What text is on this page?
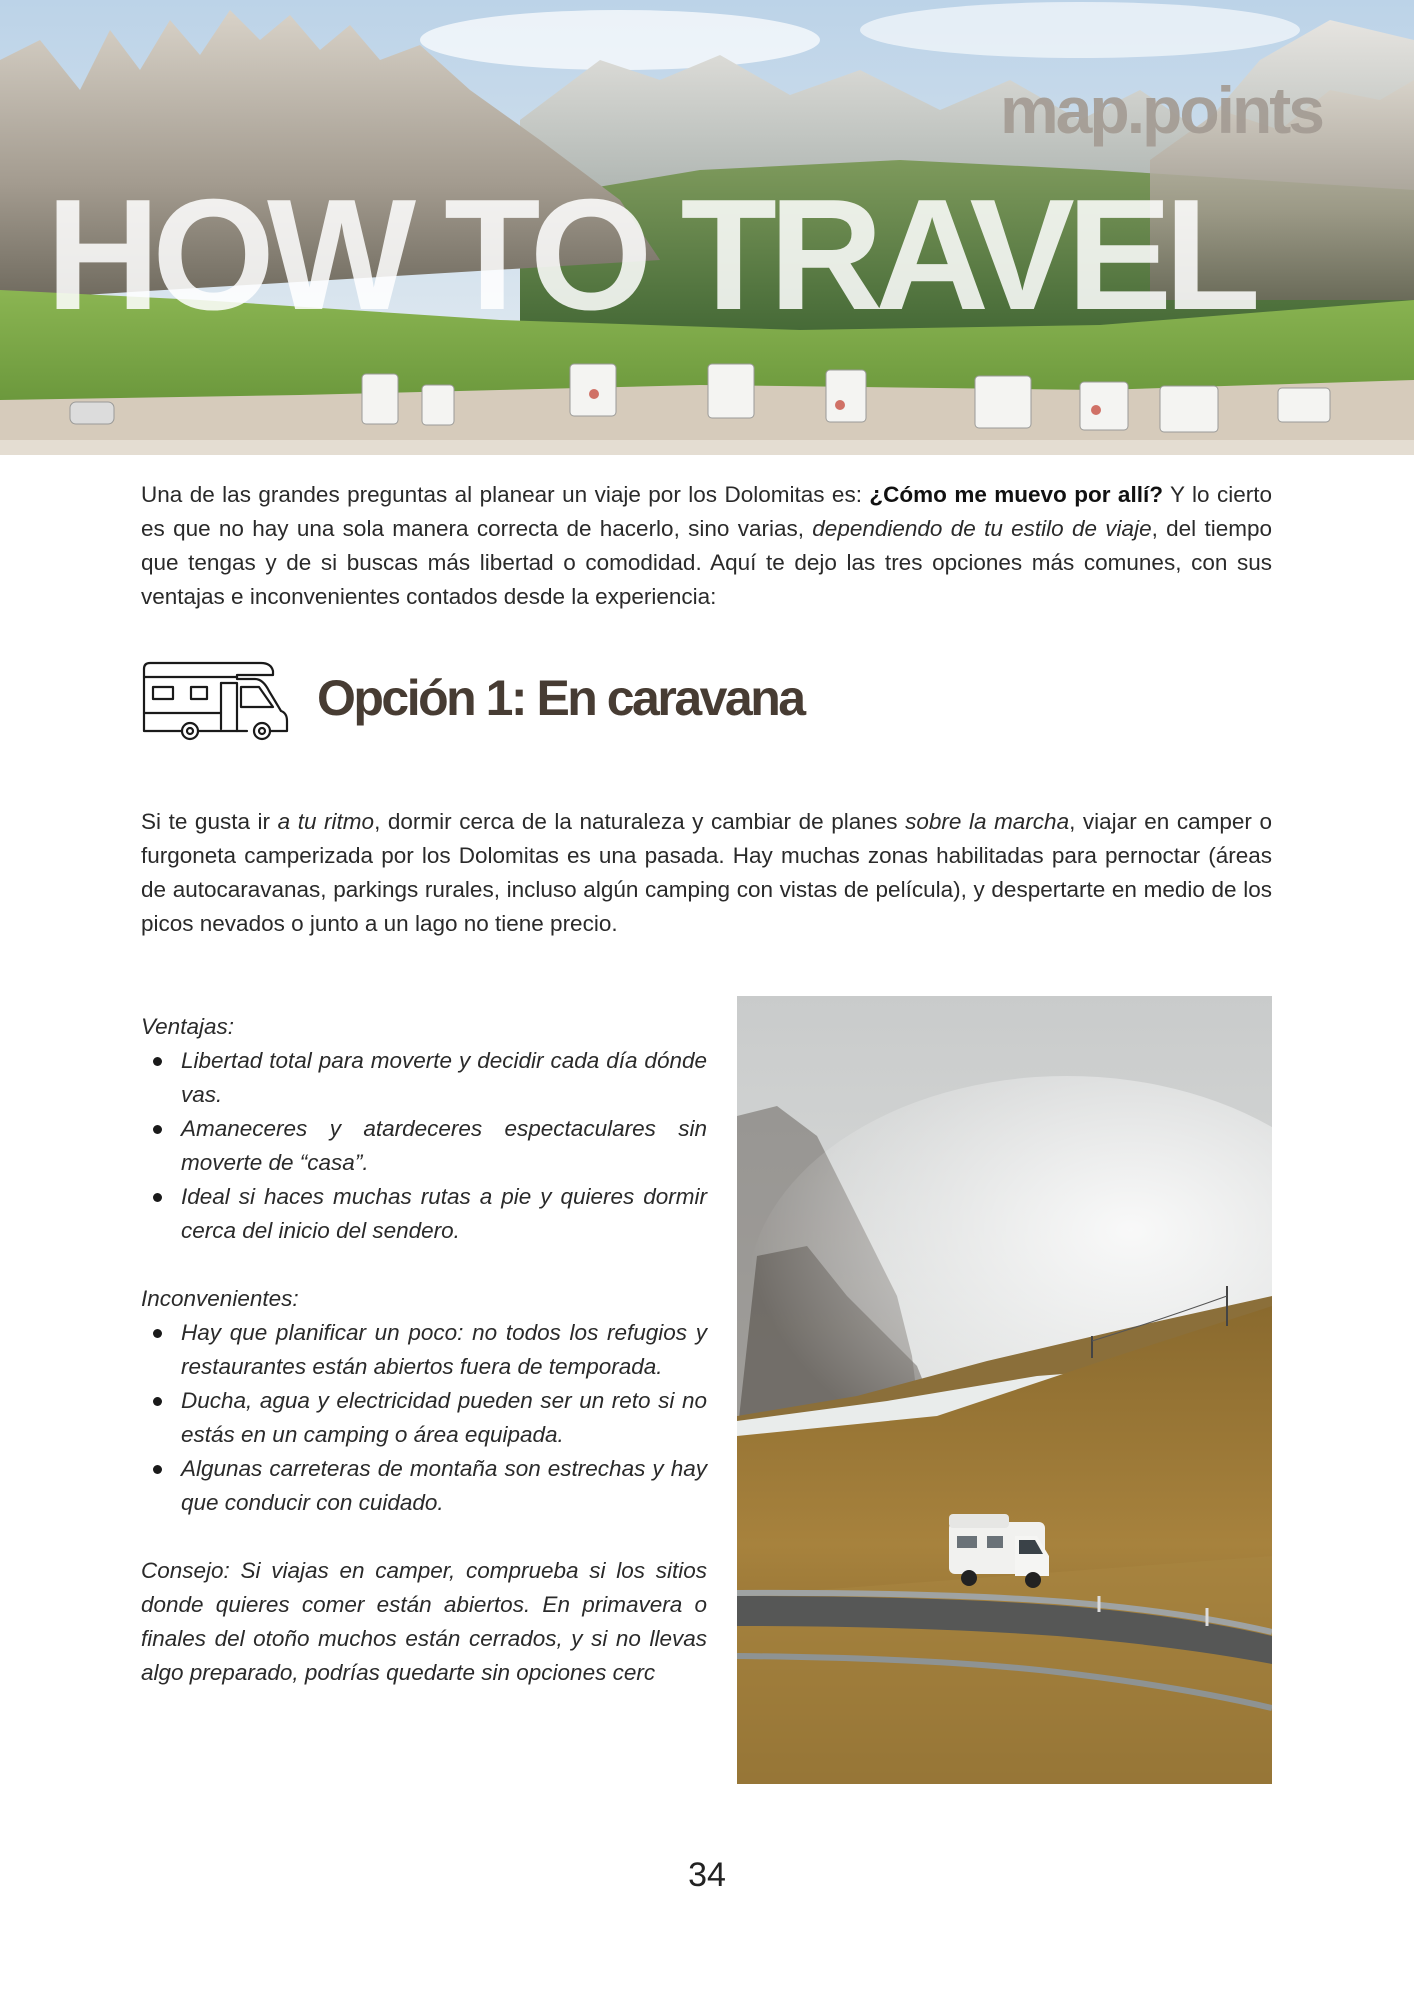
map.points
HOW TO TRAVEL

Una de las grandes preguntas al planear un viaje por los Dolomitas es: ¿Cómo me muevo por allí? Y lo cierto es que no hay una sola manera correcta de hacerlo, sino varias, dependiendo de tu estilo de viaje, del tiempo que tengas y de si buscas más libertad o comodidad. Aquí te dejo las tres opciones más comunes, con sus ventajas e inconvenientes contados desde la experiencia:

Opción 1: En caravana

Si te gusta ir a tu ritmo, dormir cerca de la naturaleza y cambiar de planes sobre la marcha, viajar en camper o furgoneta camperizada por los Dolomitas es una pasada. Hay muchas zonas habilitadas para pernoctar (áreas de autocaravanas, parkings rurales, incluso algún camping con vistas de película), y despertarte en medio de los picos nevados o junto a un lago no tiene precio.

Ventajas:
Libertad total para moverte y decidir cada día dónde vas.
Amaneceres y atardeceres espectaculares sin moverte de “casa”.
Ideal si haces muchas rutas a pie y quieres dormir cerca del inicio del sendero.
Inconvenientes:
Hay que planificar un poco: no todos los refugios y restaurantes están abiertos fuera de temporada.
Ducha, agua y electricidad pueden ser un reto si no estás en un camping o área equipada.
Algunas carreteras de montaña son estrechas y hay que conducir con cuidado.

Consejo: Si viajas en camper, comprueba si los sitios donde quieres comer están abiertos. En primavera o finales del otoño muchos están cerrados, y si no llevas algo preparado, podrías quedarte sin opciones cerc

34
